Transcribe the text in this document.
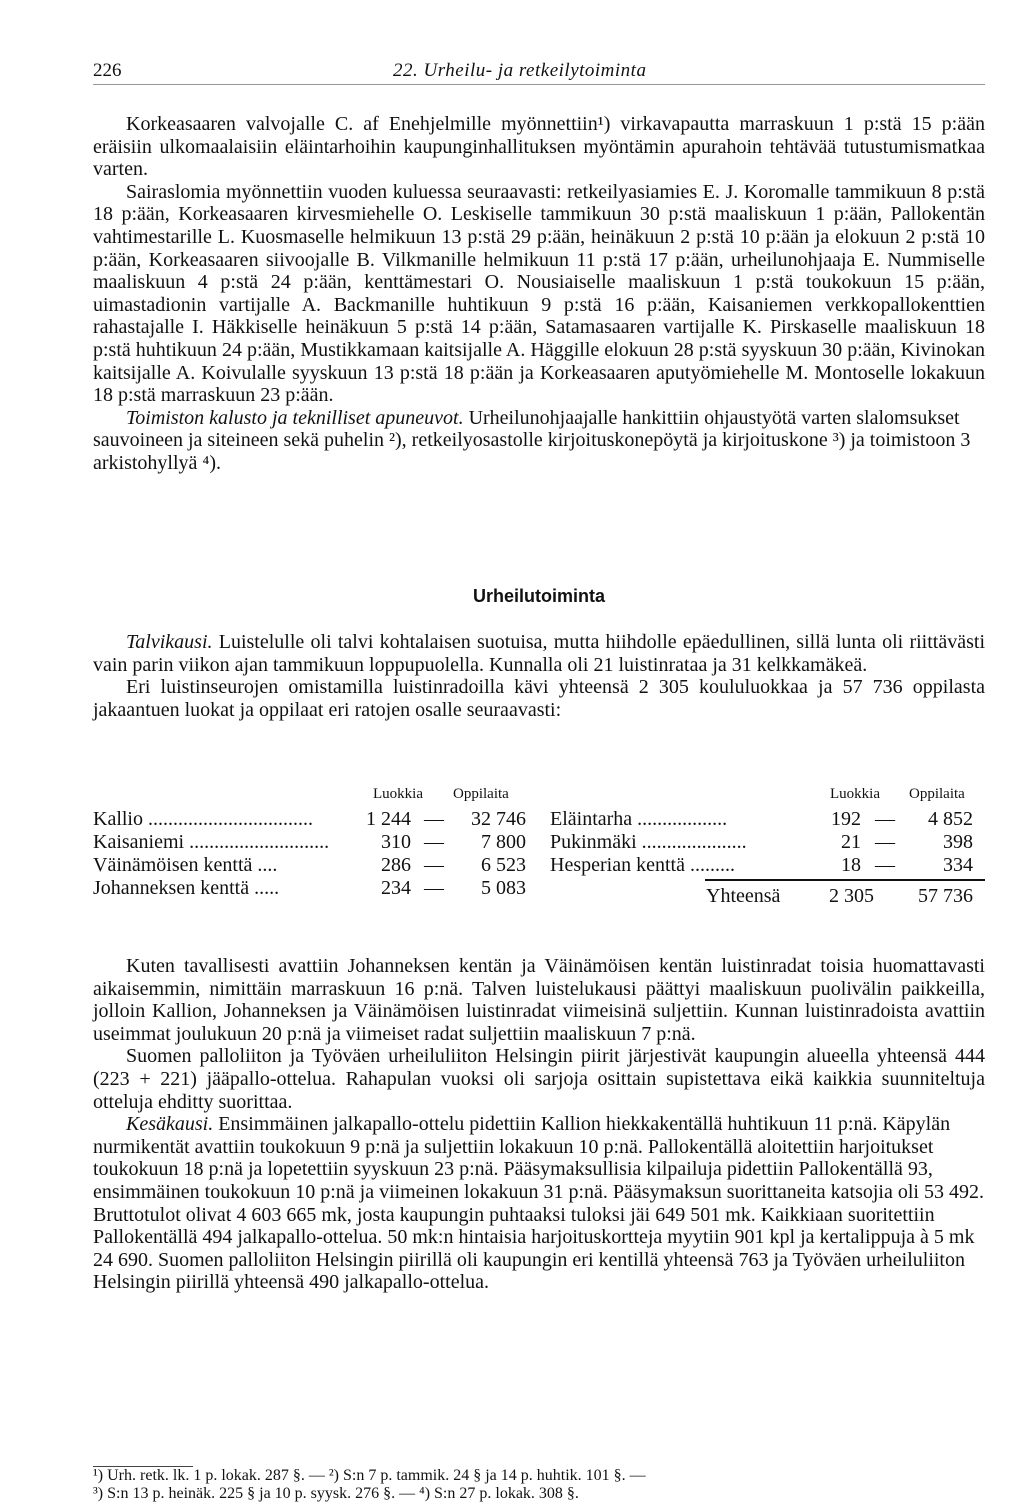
226	22. Urheilu- ja retkeilytoiminta

Korkeasaaren valvojalle C. af Enehjelmille myönnettiin¹) virkavapautta marraskuun 1 p:stä 15 p:ään eräisiin ulkomaalaisiin eläintarhoihin kaupunginhallituksen myöntämin apurahoin tehtävää tutustumismatkaa varten.

Sairaslomia myönnettiin vuoden kuluessa seuraavasti: retkeilyasiamies E. J. Koromalle tammikuun 8 p:stä 18 p:ään, Korkeasaaren kirvesmiehelle O. Leskiselle tammikuun 30 p:stä maaliskuun 1 p:ään, Pallokentän vahtimestarille L. Kuosmaselle helmikuun 13 p:stä 29 p:ään, heinäkuun 2 p:stä 10 p:ään ja elokuun 2 p:stä 10 p:ään, Korkeasaaren siivoojalle B. Vilkmanille helmikuun 11 p:stä 17 p:ään, urheilunohjaaja E. Nummiselle maaliskuun 4 p:stä 24 p:ään, kenttämestari O. Nousiaiselle maaliskuun 1 p:stä toukokuun 15 p:ään, uimastadionin vartijalle A. Backmanille huhtikuun 9 p:stä 16 p:ään, Kaisaniemen verkkopallokenttien rahastajalle I. Häkkiselle heinäkuun 5 p:stä 14 p:ään, Satamasaaren vartijalle K. Pirskaselle maaliskuun 18 p:stä huhtikuun 24 p:ään, Mustikkamaan kaitsijalle A. Häggille elokuun 28 p:stä syyskuun 30 p:ään, Kivinokan kaitsijalle A. Koivulalle syyskuun 13 p:stä 18 p:ään ja Korkeasaaren aputyömiehelle M. Montoselle lokakuun 18 p:stä marraskuun 23 p:ään.

Toimiston kalusto ja teknilliset apuneuvot. Urheilunohjaajalle hankittiin ohjaustyötä varten slalomsukset sauvoineen ja siteineen sekä puhelin ²), retkeilyosastolle kirjoituskonepöytä ja kirjoituskone ³) ja toimistoon 3 arkistohyllyä ⁴).

Urheilutoiminta

Talvikausi. Luistelulle oli talvi kohtalaisen suotuisa, mutta hiihdolle epäedullinen, sillä lunta oli riittävästi vain parin viikon ajan tammikuun loppupuolella. Kunnalla oli 21 luistinrataa ja 31 kelkkamäkeä.

Eri luistinseurojen omistamilla luistinradoilla kävi yhteensä 2 305 koululuokkaa ja 57 736 oppilasta jakaantuen luokat ja oppilaat eri ratojen osalle seuraavasti:

Luokkia Oppilaita	Luokkia Oppilaita
Kallio .................................	1 244 —	32 746
Kaisaniemi ............................	310 —	7 800
Väinämöisen kenttä ....	286 —	6 523
Johanneksen kenttä .....	234 —	5 083
Eläintarha ..................	192 —	4 852
Pukinmäki .....................	21 —	398
Hesperian kenttä .........	18 —	334
Yhteensä	2 305	57 736

Kuten tavallisesti avattiin Johanneksen kentän ja Väinämöisen kentän luistinradat toisia huomattavasti aikaisemmin, nimittäin marraskuun 16 p:nä. Talven luistelukausi päättyi maaliskuun puolivälin paikkeilla, jolloin Kallion, Johanneksen ja Väinämöisen luistinradat viimeisinä suljettiin. Kunnan luistinradoista avattiin useimmat joulukuun 20 p:nä ja viimeiset radat suljettiin maaliskuun 7 p:nä.

Suomen palloliiton ja Työväen urheiluliiton Helsingin piirit järjestivät kaupungin alueella yhteensä 444 (223 + 221) jääpallo-ottelua. Rahapulan vuoksi oli sarjoja osittain supistettava eikä kaikkia suunniteltuja otteluja ehditty suorittaa.

Kesäkausi. Ensimmäinen jalkapallo-ottelu pidettiin Kallion hiekkakentällä huhtikuun 11 p:nä. Käpylän nurmikentät avattiin toukokuun 9 p:nä ja suljettiin lokakuun 10 p:nä. Pallokentällä aloitettiin harjoitukset toukokuun 18 p:nä ja lopetettiin syyskuun 23 p:nä. Pääsymaksullisia kilpailuja pidettiin Pallokentällä 93, ensimmäinen toukokuun 10 p:nä ja viimeinen lokakuun 31 p:nä. Pääsymaksun suorittaneita katsojia oli 53 492. Bruttotulot olivat 4 603 665 mk, josta kaupungin puhtaaksi tuloksi jäi 649 501 mk. Kaikkiaan suoritettiin Pallokentällä 494 jalkapallo-ottelua. 50 mk:n hintaisia harjoituskortteja myytiin 901 kpl ja kertalippuja à 5 mk 24 690. Suomen palloliiton Helsingin piirillä oli kaupungin eri kentillä yhteensä 763 ja Työväen urheiluliiton Helsingin piirillä yhteensä 490 jalkapallo-ottelua.

¹) Urh. retk. lk. 1 p. lokak. 287 §. — ²) S:n 7 p. tammik. 24 § ja 14 p. huhtik. 101 §. —
³) S:n 13 p. heinäk. 225 § ja 10 p. syysk. 276 §. — ⁴) S:n 27 p. lokak. 308 §.
